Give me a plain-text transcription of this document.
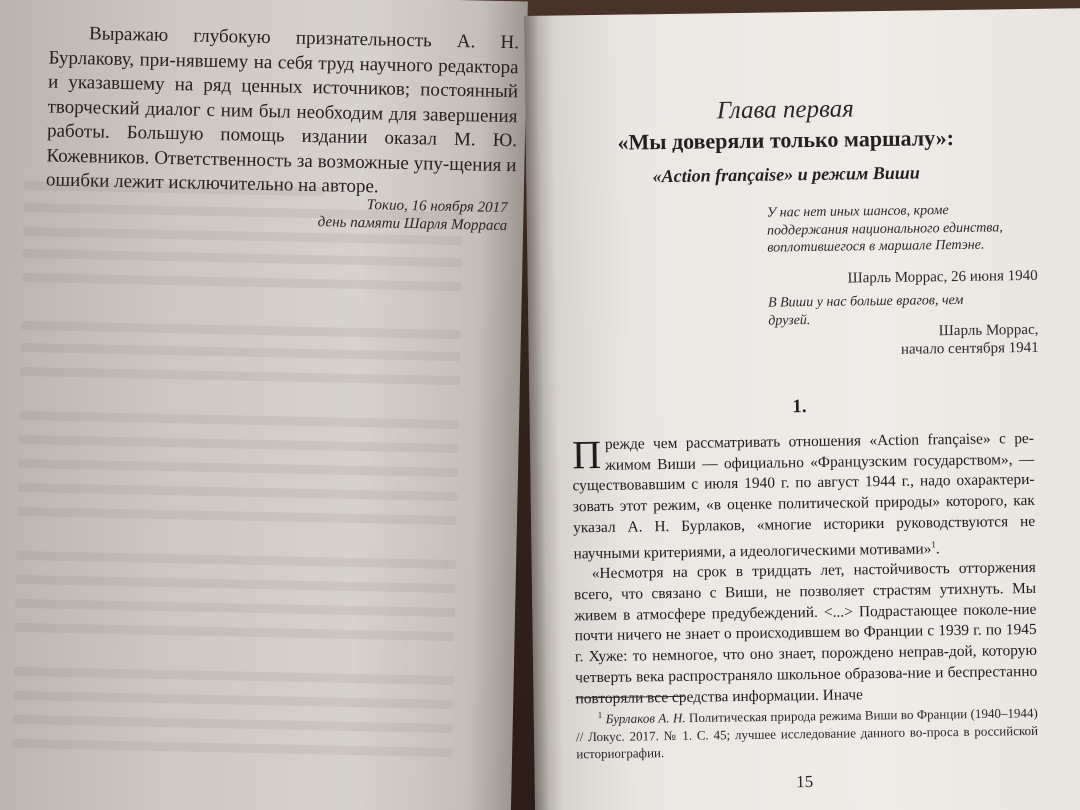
Выражаю глубокую признательность А. Н. Бурлакову, при-нявшему на себя труд научного редактора и указавшему на ряд ценных источников; постоянный творческий диалог с ним был необходим для завершения работы. Большую помощь издании оказал М. Ю. Кожевников. Ответственность за возможные упу-щения и ошибки лежит исключительно на авторе.

Токио, 16 ноября 2017
день памяти Шарля Морраса
Глава первая
«Мы доверяли только маршалу»:
«Action française» и режим Виши
У нас нет иных шансов, кроме поддержания национального единства, воплотившегося в маршале Петэне.
Шарль Моррас, 26 июня 1940
В Виши у нас больше врагов, чем друзей.
Шарль Моррас,
начало сентября 1941
1.

Прежде чем рассматривать отношения «Action française» с ре-жимом Виши — официально «Французским государством», — существовавшим с июля 1940 г. по август 1944 г., надо охарактери-зовать этот режим, «в оценке политической природы» которого, как указал А. Н. Бурлаков, «многие историки руководствуются не научными критериями, а идеологическими мотивами»$^1$.

«Несмотря на срок в тридцать лет, настойчивость отторжения всего, что связано с Виши, не позволяет страстям утихнуть. Мы живем в атмосфере предубеждений. <...> Подрастающее поколе-ние почти ничего не знает о происходившем во Франции с 1939 г. по 1945 г. Хуже: то немногое, что оно знает, порождено неправ-дой, которую четверть века распространяло школьное образова-ние и беспрестанно повторяли все средства информации. Иначе

$^1$ Бурлаков А. Н. Политическая природа режима Виши во Франции (1940–1944) // Локус. 2017. № 1. С. 45; лучшее исследование данного во-проса в российской историографии.
15
